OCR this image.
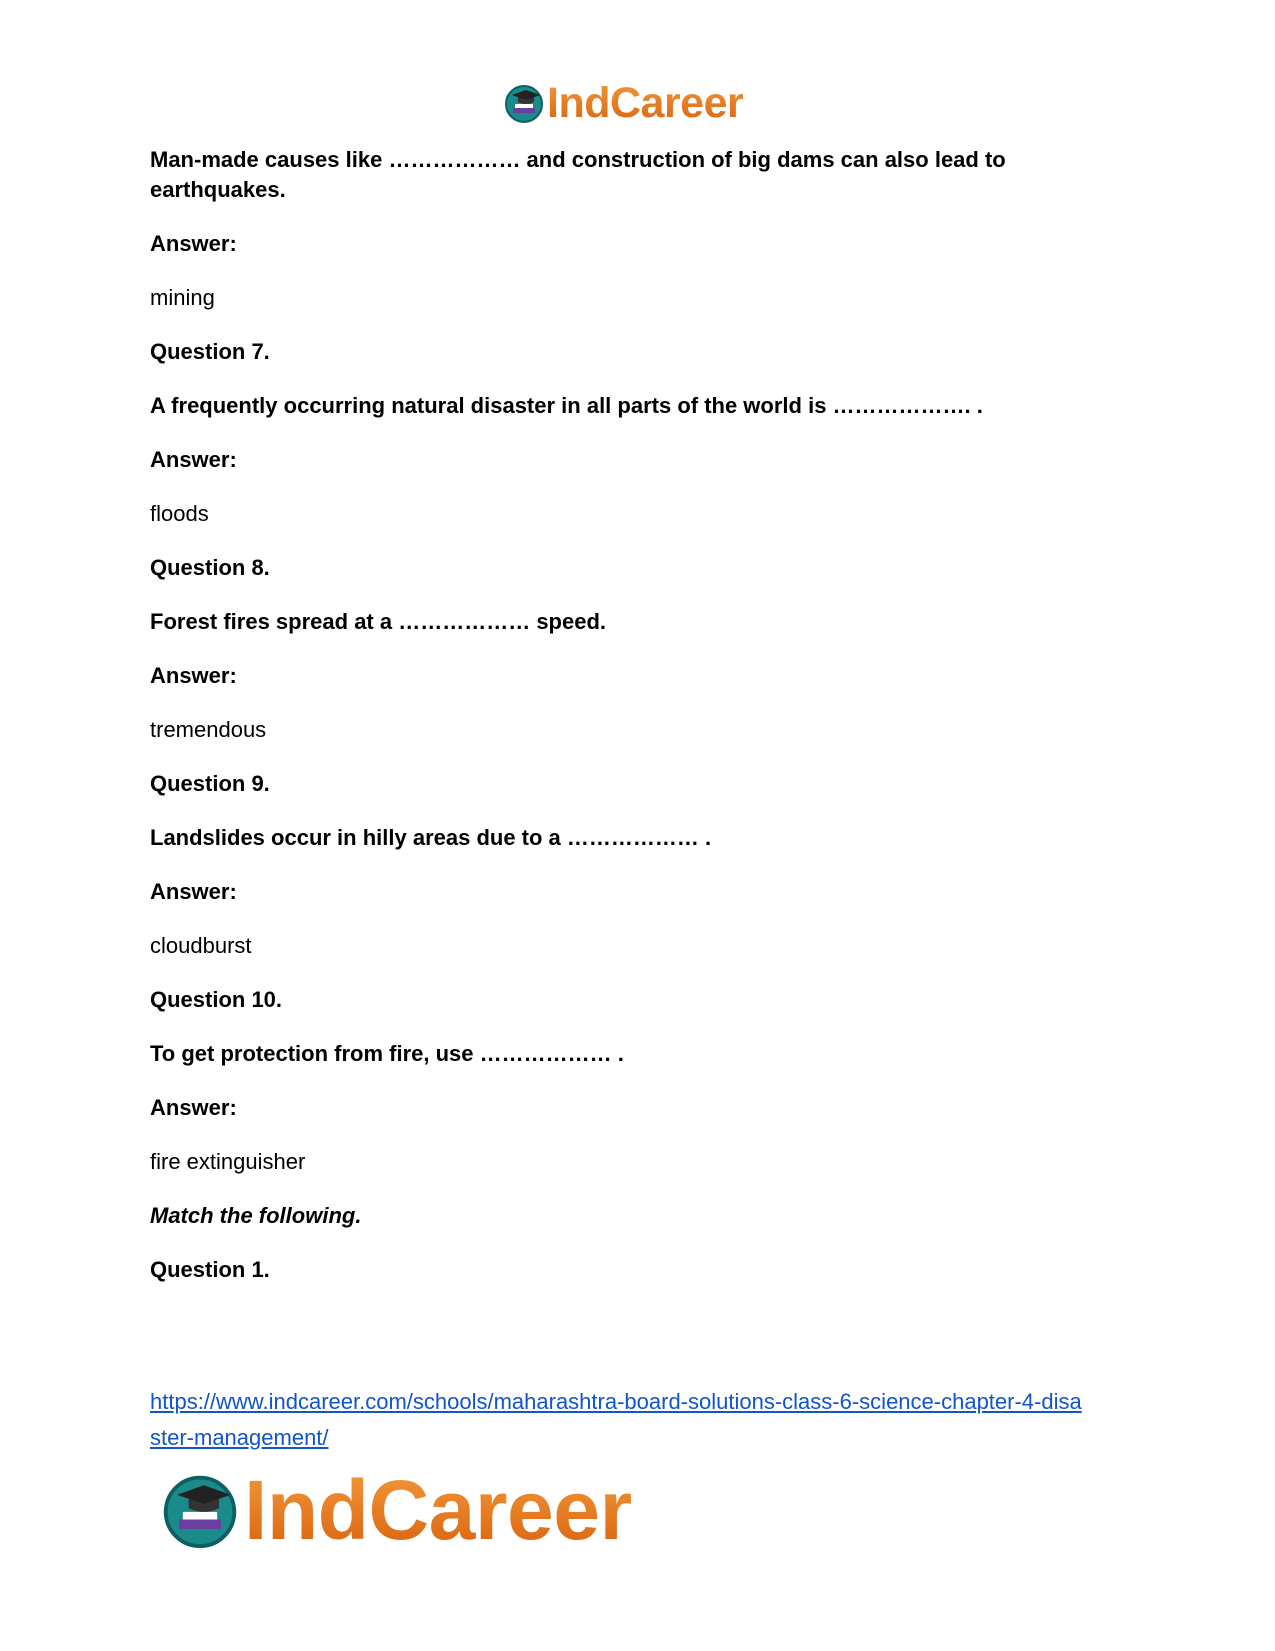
IndCareer

Man-made causes like ……………… and construction of big dams can also lead to earthquakes.

Answer:

mining

Question 7.

A frequently occurring natural disaster in all parts of the world is ………………. .

Answer:

floods

Question 8.

Forest fires spread at a ……………… speed.

Answer:

tremendous

Question 9.

Landslides occur in hilly areas due to a ……………… .

Answer:

cloudburst

Question 10.

To get protection from fire, use ……………… .

Answer:

fire extinguisher

Match the following.

Question 1.

https://www.indcareer.com/schools/maharashtra-board-solutions-class-6-science-chapter-4-disa
ster-management/
IndCareer
